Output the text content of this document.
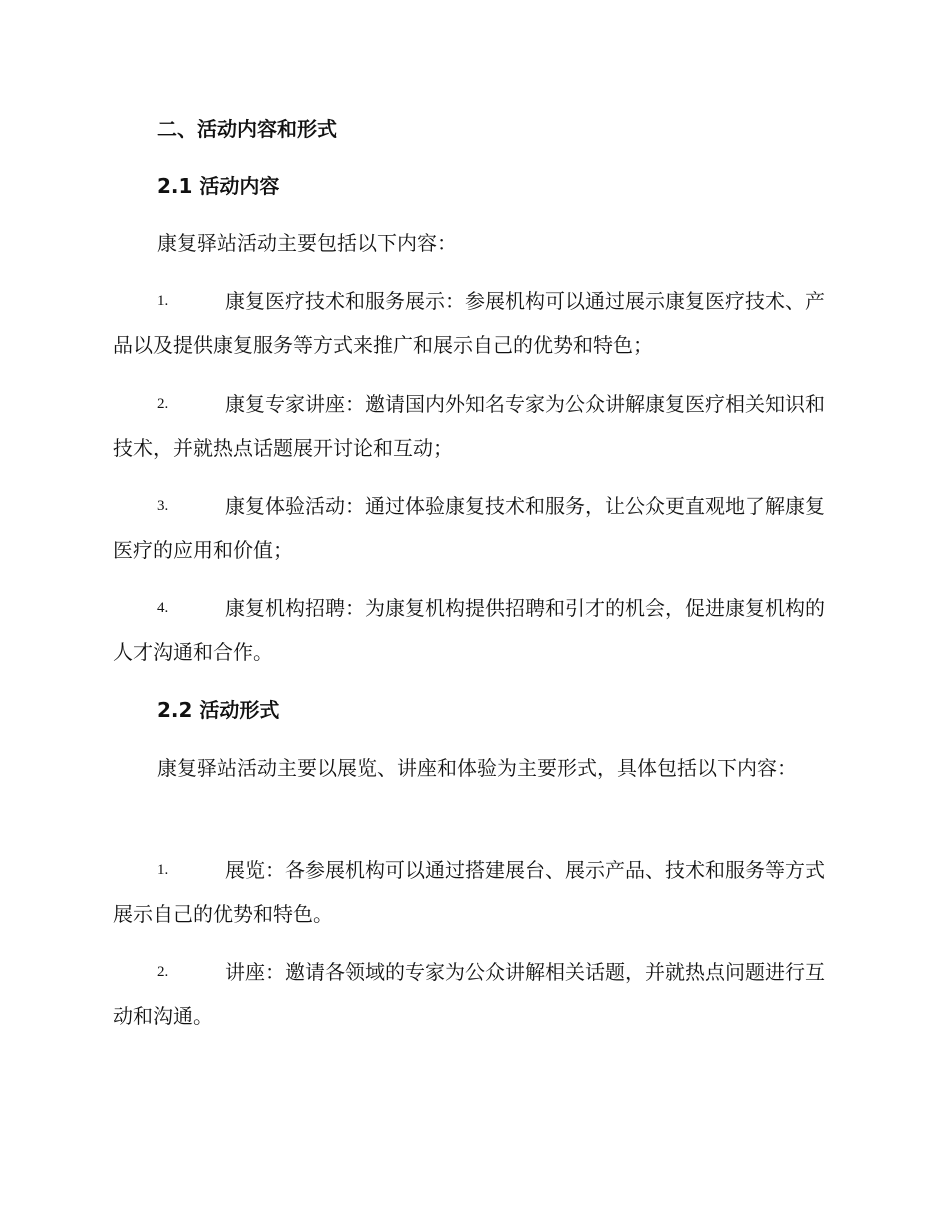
二、活动内容和形式
2.1 活动内容
康复驿站活动主要包括以下内容：
1.	康复医疗技术和服务展示：参展机构可以通过展示康复医疗技术、产品以及提供康复服务等方式来推广和展示自己的优势和特色；
2.	康复专家讲座：邀请国内外知名专家为公众讲解康复医疗相关知识和技术，并就热点话题展开讨论和互动；
3.	康复体验活动：通过体验康复技术和服务，让公众更直观地了解康复医疗的应用和价值；
4.	康复机构招聘：为康复机构提供招聘和引才的机会，促进康复机构的人才沟通和合作。
2.2 活动形式
康复驿站活动主要以展览、讲座和体验为主要形式，具体包括以下内容：
1.	展览：各参展机构可以通过搭建展台、展示产品、技术和服务等方式展示自己的优势和特色。
2.	讲座：邀请各领域的专家为公众讲解相关话题，并就热点问题进行互动和沟通。
